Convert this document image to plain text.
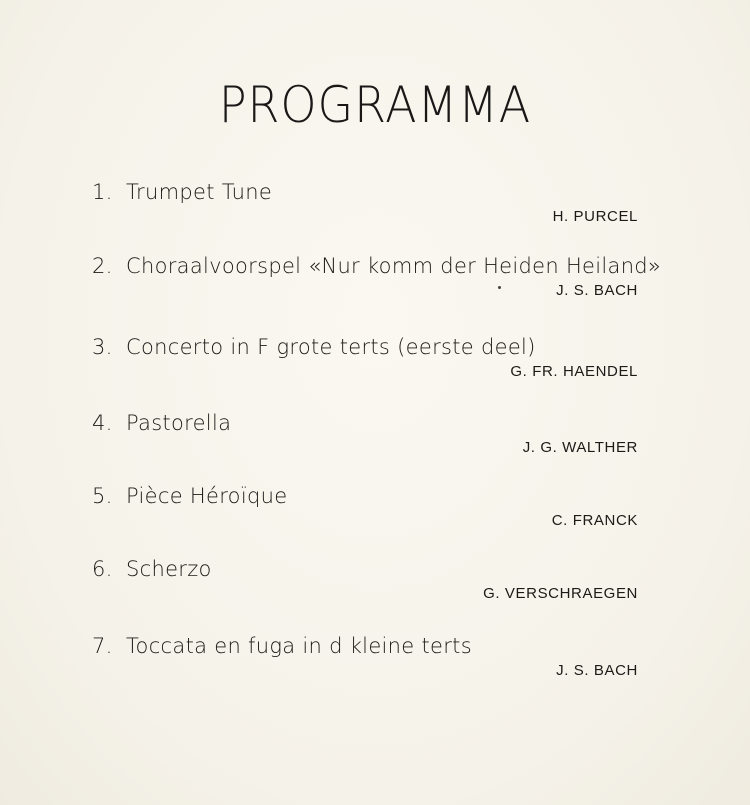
PROGRAMMA
1. Trumpet Tune
H. PURCEL
2. Choraalvoorspel «Nur komm der Heiden Heiland»
J. S. BACH
3. Concerto in F grote terts (eerste deel)
G. FR. HAENDEL
4. Pastorella
J. G. WALTHER
5. Pièce Héroïque
C. FRANCK
6. Scherzo
G. VERSCHRAEGEN
7. Toccata en fuga in d kleine terts
J. S. BACH
